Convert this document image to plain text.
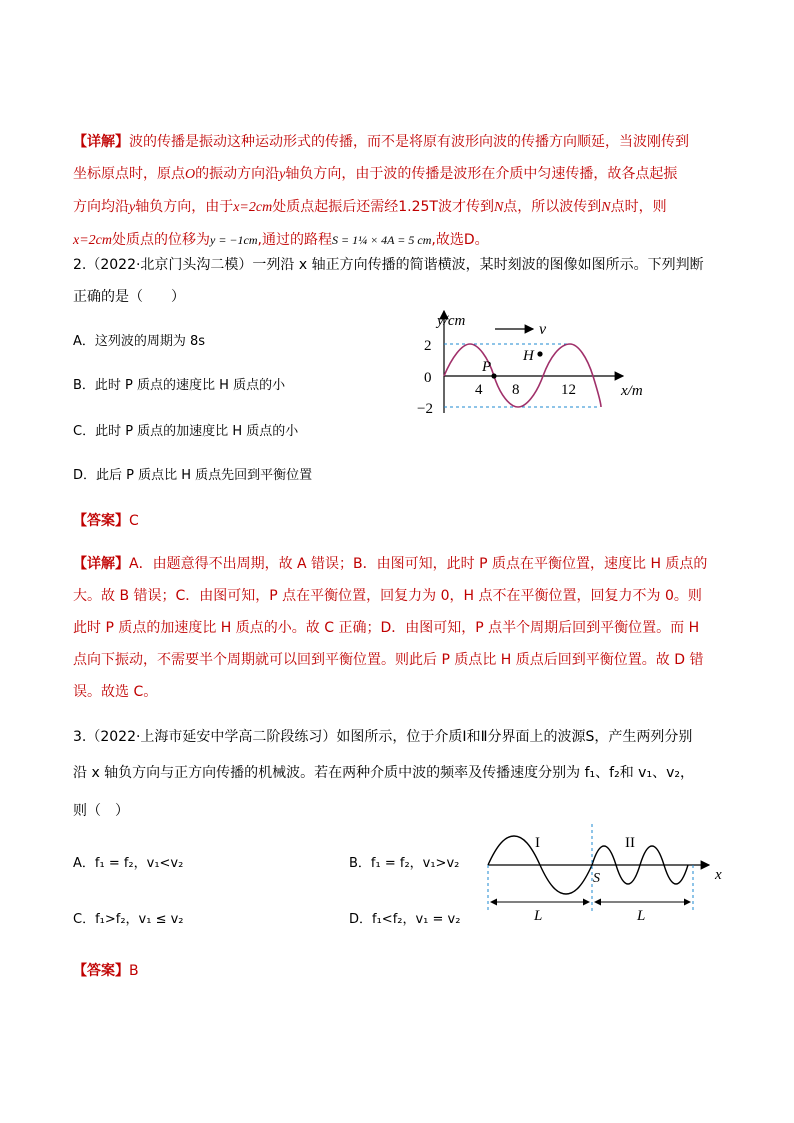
【详解】波的传播是振动这种运动形式的传播，而不是将原有波形向波的传播方向顺延，当波刚传到
坐标原点时，原点O的振动方向沿y轴负方向，由于波的传播是波形在介质中匀速传播，故各点起振
方向均沿y轴负方向，由于x=2cm处质点起振后还需经1.25T波才传到N点，所以波传到N点时，则
x=2cm处质点的位移为y = −1cm,通过的路程S = 1¼ × 4A = 5 cm,故选D。
2.（2022·北京门头沟二模）一列沿 x 轴正方向传播的简谐横波，某时刻波的图像如图所示。下列判断
正确的是（　　）
A．这列波的周期为 8s
B．此时 P 质点的速度比 H 质点的小
C．此时 P 质点的加速度比 H 质点的小
D．此后 P 质点比 H 质点先回到平衡位置
v
y/cm
x/m
2
0
−2
4 8	12
P
H
【答案】C
【详解】A．由题意得不出周期，故 A 错误；B．由图可知，此时 P 质点在平衡位置，速度比 H 质点的
大。故 B 错误；C．由图可知，P 点在平衡位置，回复力为 0，H 点不在平衡位置，回复力不为 0。则
此时 P 质点的加速度比 H 质点的小。故 C 正确；D．由图可知，P 点半个周期后回到平衡位置。而 H
点向下振动，不需要半个周期就可以回到平衡位置。则此后 P 质点比 H 质点后回到平衡位置。故 D 错
误。故选 C。
3.（2022·上海市延安中学高二阶段练习）如图所示，位于介质Ⅰ和Ⅱ分界面上的波源S，产生两列分别
沿 x 轴负方向与正方向传播的机械波。若在两种介质中波的频率及传播速度分别为 f₁、f₂和 v₁、v₂，
则（　）
A．f₁ = f₂，v₁<v₂	B．f₁ = f₂，v₁>v₂
C．f₁>f₂，v₁ ≤ v₂	D．f₁<f₂，v₁ = v₂
I	II
S	x
L	L
【答案】B
